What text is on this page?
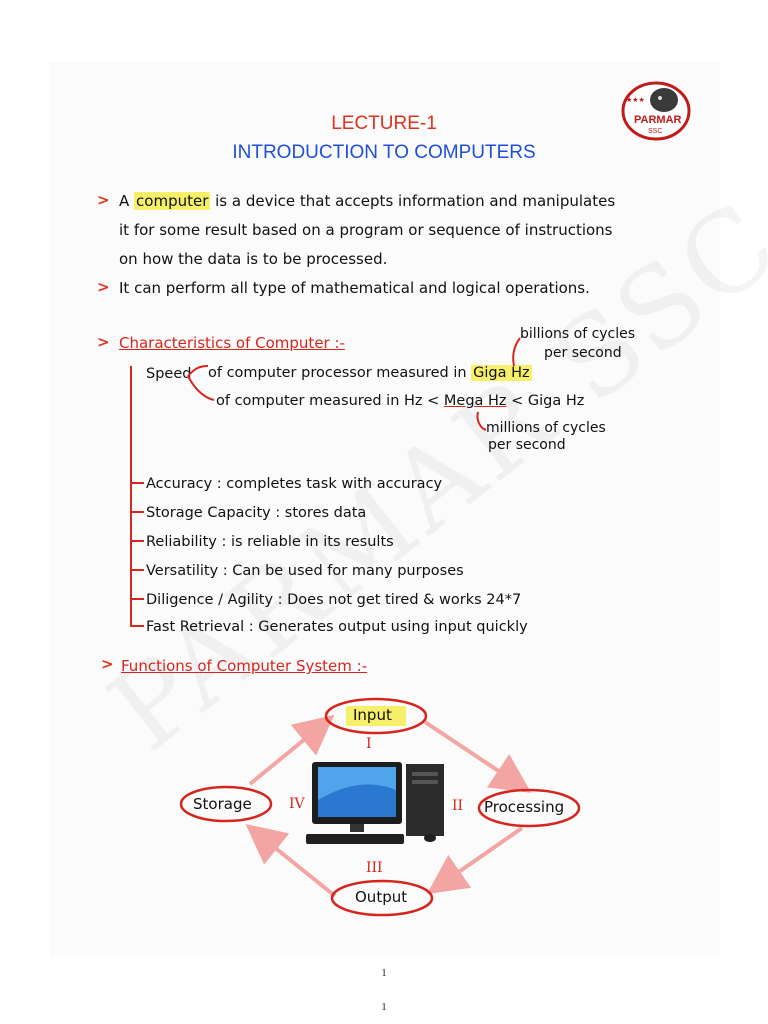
★★★
PARMAR
SSC
LECTURE-1
INTRODUCTION TO COMPUTERS
> A computer is a device that accepts information and manipulates
it for some result based on a program or sequence of instructions
on how the data is to be processed.
> It can perform all type of mathematical and logical operations.
> Characteristics of Computer :-	billions of cycles
per second
Speed of computer processor measured in Giga Hz
of computer measured in Hz < Mega Hz < Giga Hz
millions of cycles
per second
Accuracy : completes task with accuracy
Storage Capacity : stores data
Reliability : is reliable in its results
Versatility : Can be used for many purposes
Diligence / Agility : Does not get tired & works 24*7
Fast Retrieval : Generates output using input quickly
> Functions of Computer System :-
Input
Processing
Output
Storage
I
II
III
IV
1
1
